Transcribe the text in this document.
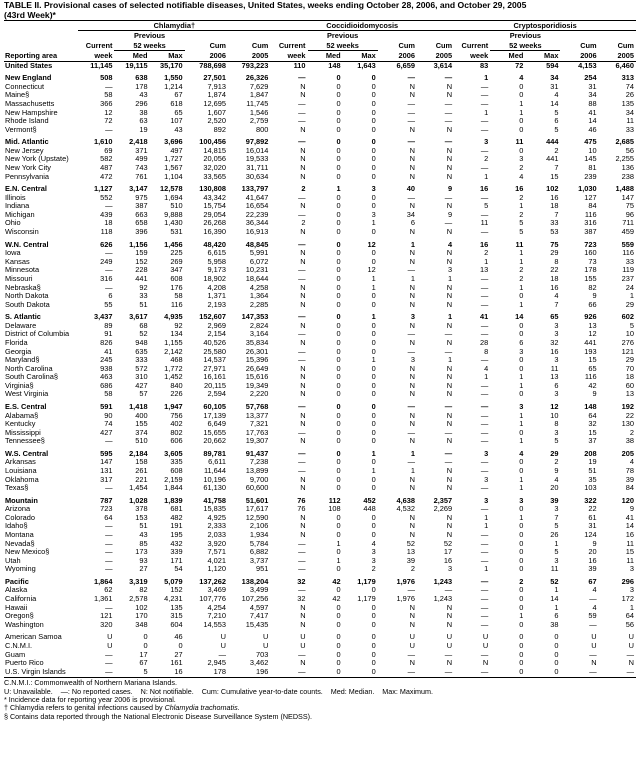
TABLE II. Provisional cases of selected notifiable diseases, United States, weeks ending October 28, 2006, and October 29, 2005
(43rd Week)*

	Chlamydia†					Coccidioidomycosis					Cryptosporidiosis				

		Previous					Previous					Previous			
	Current	52 weeks		Cum	Cum	Current	52 weeks		Cum	Cum	Current	52 weeks		Cum	Cum
Reporting area	week	Med	Max	2006	2005	week	Med	Max	2006	2005	week	Med	Max	2006	2005
United States	11,145	19,115	35,170	788,698	793,223	110	148	1,643	6,659	3,614	83	72	594	4,153	6,460
New England	508	638	1,550	27,501	26,326	—	0	0	—	—	1	4	34	254	313
Connecticut	—	178	1,214	7,913	7,629	N	0	0	N	N	—	0	31	31	74
Maine§	58	43	67	1,874	1,847	N	0	0	N	N	—	0	4	34	26
Massachusetts	366	296	618	12,695	11,745	—	0	0	—	—	—	1	14	88	135
New Hampshire	12	38	65	1,607	1,546	—	0	0	—	—	1	1	5	41	34
Rhode Island	72	63	107	2,520	2,759	—	0	0	—	—	—	0	6	14	11
Vermont§	—	19	43	892	800	N	0	0	N	N	—	0	5	46	33
Mid. Atlantic	1,610	2,418	3,696	100,456	97,892	—	0	0	—	—	3	11	444	475	2,685
New Jersey	69	371	497	14,815	16,014	N	0	0	N	N	—	0	2	10	56
New York (Upstate)	582	499	1,727	20,056	19,533	N	0	0	N	N	2	3	441	145	2,255
New York City	487	743	1,567	32,020	31,711	N	0	0	N	N	—	2	7	81	136
Pennsylvania	472	761	1,104	33,565	30,634	N	0	0	N	N	1	4	15	239	238
E.N. Central	1,127	3,147	12,578	130,808	133,797	2	1	3	40	9	16	16	102	1,030	1,488
Illinois	552	975	1,694	43,342	41,647	—	0	0	—	—	—	2	16	127	147
Indiana	—	387	510	15,754	16,654	N	0	0	N	N	5	1	18	84	75
Michigan	439	663	9,888	29,054	22,239	—	0	3	34	9	—	2	7	116	96
Ohio	18	658	1,430	26,268	36,344	2	0	1	6	—	11	5	33	316	711
Wisconsin	118	396	531	16,390	16,913	N	0	0	N	N	—	5	53	387	459
W.N. Central	626	1,156	1,456	48,420	48,845	—	0	12	1	4	16	11	75	723	559
Iowa	—	159	225	6,615	5,991	N	0	0	N	N	2	1	29	160	116
Kansas	249	152	269	5,958	6,072	N	0	0	N	N	1	1	8	73	33
Minnesota	—	228	347	9,173	10,231	—	0	12	—	3	13	2	22	178	119
Missouri	316	441	608	18,902	18,644	—	0	1	1	1	—	2	18	155	237
Nebraska§	—	92	176	4,208	4,258	N	0	1	N	N	—	1	16	82	24
North Dakota	6	33	58	1,371	1,364	N	0	0	N	N	—	0	4	9	1
South Dakota	55	51	116	2,193	2,285	N	0	0	N	N	—	1	7	66	29
S. Atlantic	3,437	3,617	4,935	152,607	147,353	—	0	1	3	1	41	14	65	926	602
Delaware	89	68	92	2,969	2,824	N	0	0	N	N	—	0	3	13	5
District of Columbia	91	52	134	2,154	3,164	—	0	0	—	—	—	0	3	12	10
Florida	826	948	1,155	40,526	35,834	N	0	0	N	N	28	6	32	441	276
Georgia	41	635	2,142	25,580	26,301	—	0	0	—	—	8	3	16	193	121
Maryland§	245	333	468	14,537	15,396	—	0	1	3	1	—	0	3	15	29
North Carolina	938	572	1,772	27,971	26,649	N	0	0	N	N	4	0	11	65	70
South Carolina§	463	310	1,452	16,161	15,616	N	0	0	N	N	1	1	13	116	18
Virginia§	686	427	840	20,115	19,349	N	0	0	N	N	—	1	6	42	60
West Virginia	58	57	226	2,594	2,220	N	0	0	N	N	—	0	3	9	13
E.S. Central	591	1,418	1,947	60,105	57,768	—	0	0	—	—	—	3	12	148	192
Alabama§	90	400	756	17,139	13,377	N	0	0	N	N	—	1	10	64	22
Kentucky	74	155	402	6,649	7,321	N	0	0	N	N	—	1	8	32	130
Mississippi	427	374	802	15,655	17,763	—	0	0	—	—	—	0	3	15	2
Tennessee§	—	510	606	20,662	19,307	N	0	0	N	N	—	1	5	37	38
W.S. Central	595	2,184	3,605	89,781	91,437	—	0	1	1	—	3	4	29	208	205
Arkansas	147	158	335	6,611	7,238	—	0	0	—	—	—	0	2	19	4
Louisiana	131	261	608	11,644	13,899	—	0	1	1	N	—	0	9	51	78
Oklahoma	317	221	2,159	10,196	9,700	N	0	0	N	N	3	1	4	35	39
Texas§	—	1,454	1,844	61,130	60,600	N	0	0	N	N	—	1	20	103	84
Mountain	787	1,028	1,839	41,758	51,601	76	112	452	4,638	2,357	3	3	39	322	120
Arizona	723	378	681	15,835	17,617	76	108	448	4,532	2,269	—	0	3	22	9
Colorado	64	153	482	4,925	12,590	N	0	0	N	N	1	1	7	61	41
Idaho§	—	51	191	2,333	2,106	N	0	0	N	N	1	0	5	31	14
Montana	—	43	195	2,033	1,934	N	0	0	N	N	—	0	26	124	16
Nevada§	—	85	432	3,920	5,784	—	1	4	52	52	—	0	1	9	11
New Mexico§	—	173	339	7,571	6,882	—	0	3	13	17	—	0	5	20	15
Utah	—	93	171	4,021	3,737	—	1	3	39	16	—	0	3	16	11
Wyoming	—	27	54	1,120	951	—	0	2	2	3	1	0	11	39	3
Pacific	1,864	3,319	5,079	137,262	138,204	32	42	1,179	1,976	1,243	—	2	52	67	296
Alaska	62	82	152	3,469	3,499	—	0	0	—	—	—	0	1	4	3
California	1,361	2,578	4,231	107,776	107,256	32	42	1,179	1,976	1,243	—	0	14	—	172
Hawaii	—	102	135	4,254	4,597	N	0	0	N	N	—	0	1	4	1
Oregon§	121	170	315	7,210	7,417	N	0	0	N	N	—	1	6	59	64
Washington	320	348	604	14,553	15,435	N	0	0	N	N	—	0	38	—	56
American Samoa	U	0	46	U	U	U	0	0	U	U	U	0	0	U	U
C.N.M.I.	U	0	0	U	U	U	0	0	U	U	U	0	0	U	U
Guam	—	17	27	—	703	—	0	0	—	—	—	0	0	—	—
Puerto Rico	—	67	161	2,945	3,462	N	0	0	N	N	N	0	0	N	N
U.S. Virgin Islands	—	5	16	178	196	—	0	0	—	—	—	0	0	—	—
C.N.M.I.: Commonwealth of Northern Mariana Islands.
U: Unavailable.    —: No reported cases.    N: Not notifiable.    Cum: Cumulative year-to-date counts.    Med: Median.    Max: Maximum.
* Incidence data for reporting year 2006 is provisional.
† Chlamydia refers to genital infections caused by Chlamydia trachomatis.
§ Contains data reported through the National Electronic Disease Surveillance System (NEDSS).
